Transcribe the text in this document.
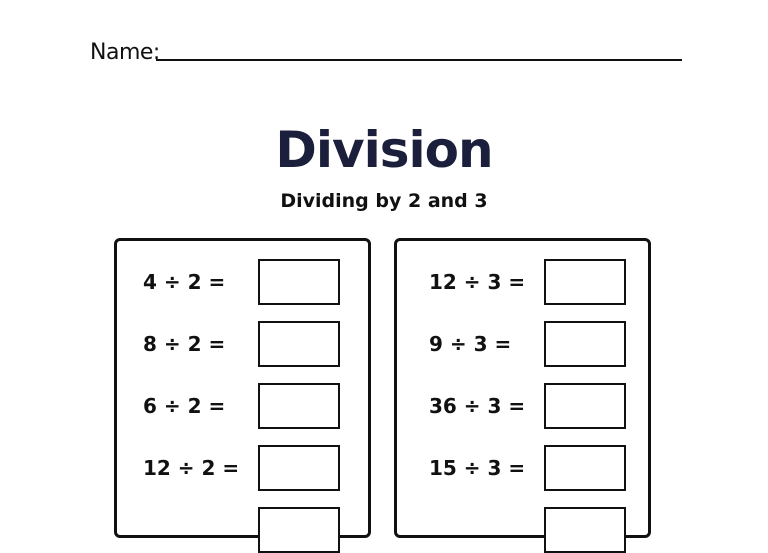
Name:
Division
Dividing by 2 and 3
4 ÷ 2 =
8 ÷ 2 =
6 ÷ 2 =
12 ÷ 2 =
12 ÷ 3 =
9 ÷ 3 =
36 ÷ 3 =
15 ÷ 3 =
